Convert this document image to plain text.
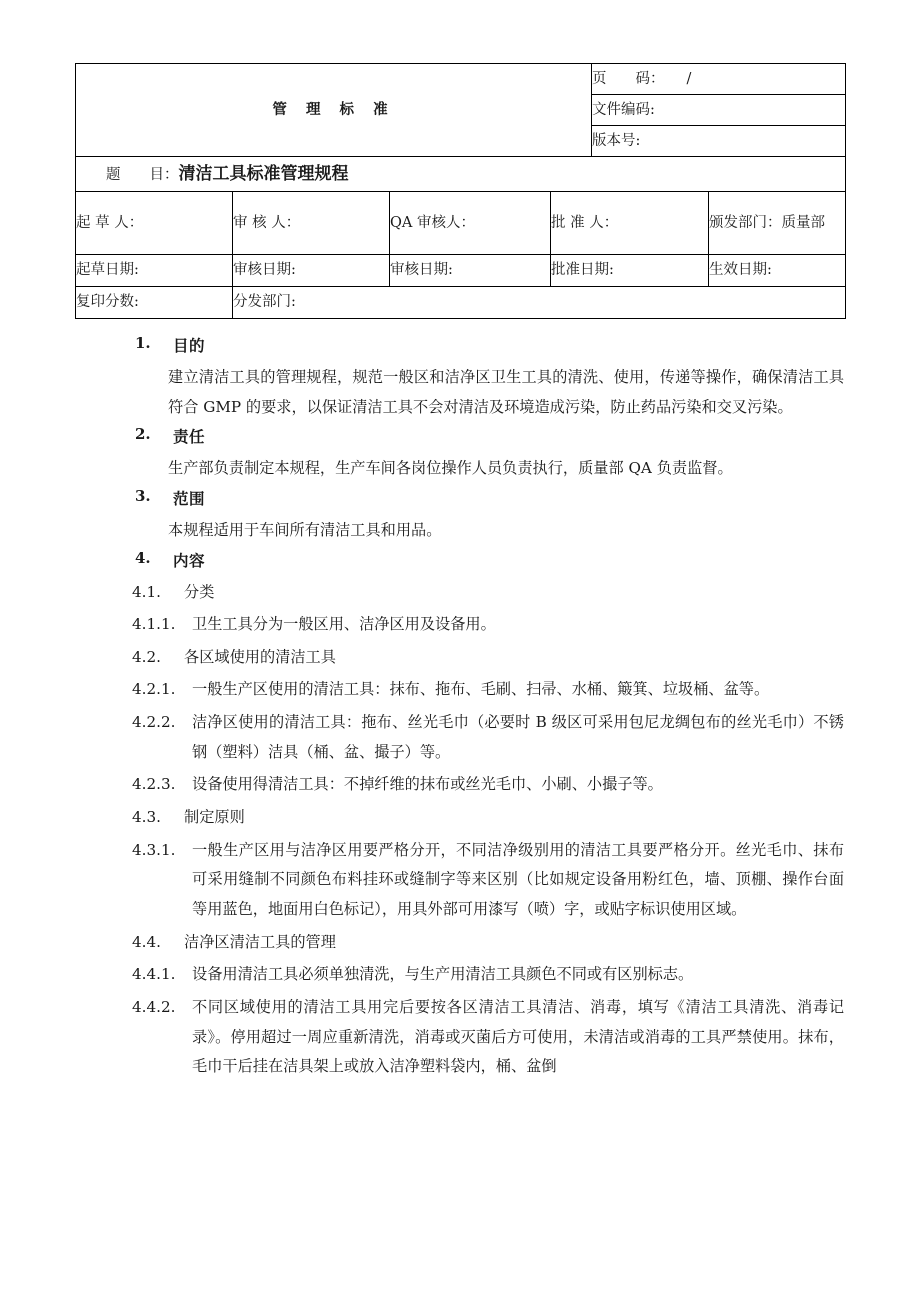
管 理 标 准	页　　码： /
文件编码:
版本号:
题　　目：清洁工具标准管理规程
起 草 人：	审 核 人：	QA 审核人：	批 准 人：	颁发部门：质量部
起草日期:	审核日期:	审核日期:	批准日期:	生效日期:
复印分数:	分发部门:			
1.	目的
建立清洁工具的管理规程，规范一般区和洁净区卫生工具的清洗、使用，传递等操作，确保清洁工具符合 GMP 的要求，以保证清洁工具不会对清洁及环境造成污染，防止药品污染和交叉污染。
2.	责任
生产部负责制定本规程，生产车间各岗位操作人员负责执行，质量部 QA 负责监督。
3.	范围
本规程适用于车间所有清洁工具和用品。
4.	内容
4.1.	分类
4.1.1.	卫生工具分为一般区用、洁净区用及设备用。
4.2.	各区域使用的清洁工具
4.2.1.	一般生产区使用的清洁工具：抹布、拖布、毛刷、扫帚、水桶、簸箕、垃圾桶、盆等。
4.2.2.	洁净区使用的清洁工具：拖布、丝光毛巾（必要时 B 级区可采用包尼龙绸包布的丝光毛巾）不锈钢（塑料）洁具（桶、盆、撮子）等。
4.2.3.	设备使用得清洁工具：不掉纤维的抹布或丝光毛巾、小刷、小撮子等。
4.3.	制定原则
4.3.1.	一般生产区用与洁净区用要严格分开，不同洁净级别用的清洁工具要严格分开。丝光毛巾、抹布可采用缝制不同颜色布料挂环或缝制字等来区别（比如规定设备用粉红色，墙、顶棚、操作台面等用蓝色，地面用白色标记），用具外部可用漆写（喷）字，或贴字标识使用区域。
4.4.	洁净区清洁工具的管理
4.4.1.	设备用清洁工具必须单独清洗，与生产用清洁工具颜色不同或有区别标志。
4.4.2.	不同区域使用的清洁工具用完后要按各区清洁工具清洁、消毒，填写《清洁工具清洗、消毒记录》。停用超过一周应重新清洗，消毒或灭菌后方可使用，未清洁或消毒的工具严禁使用。抹布，毛巾干后挂在洁具架上或放入洁净塑料袋内，桶、盆倒
